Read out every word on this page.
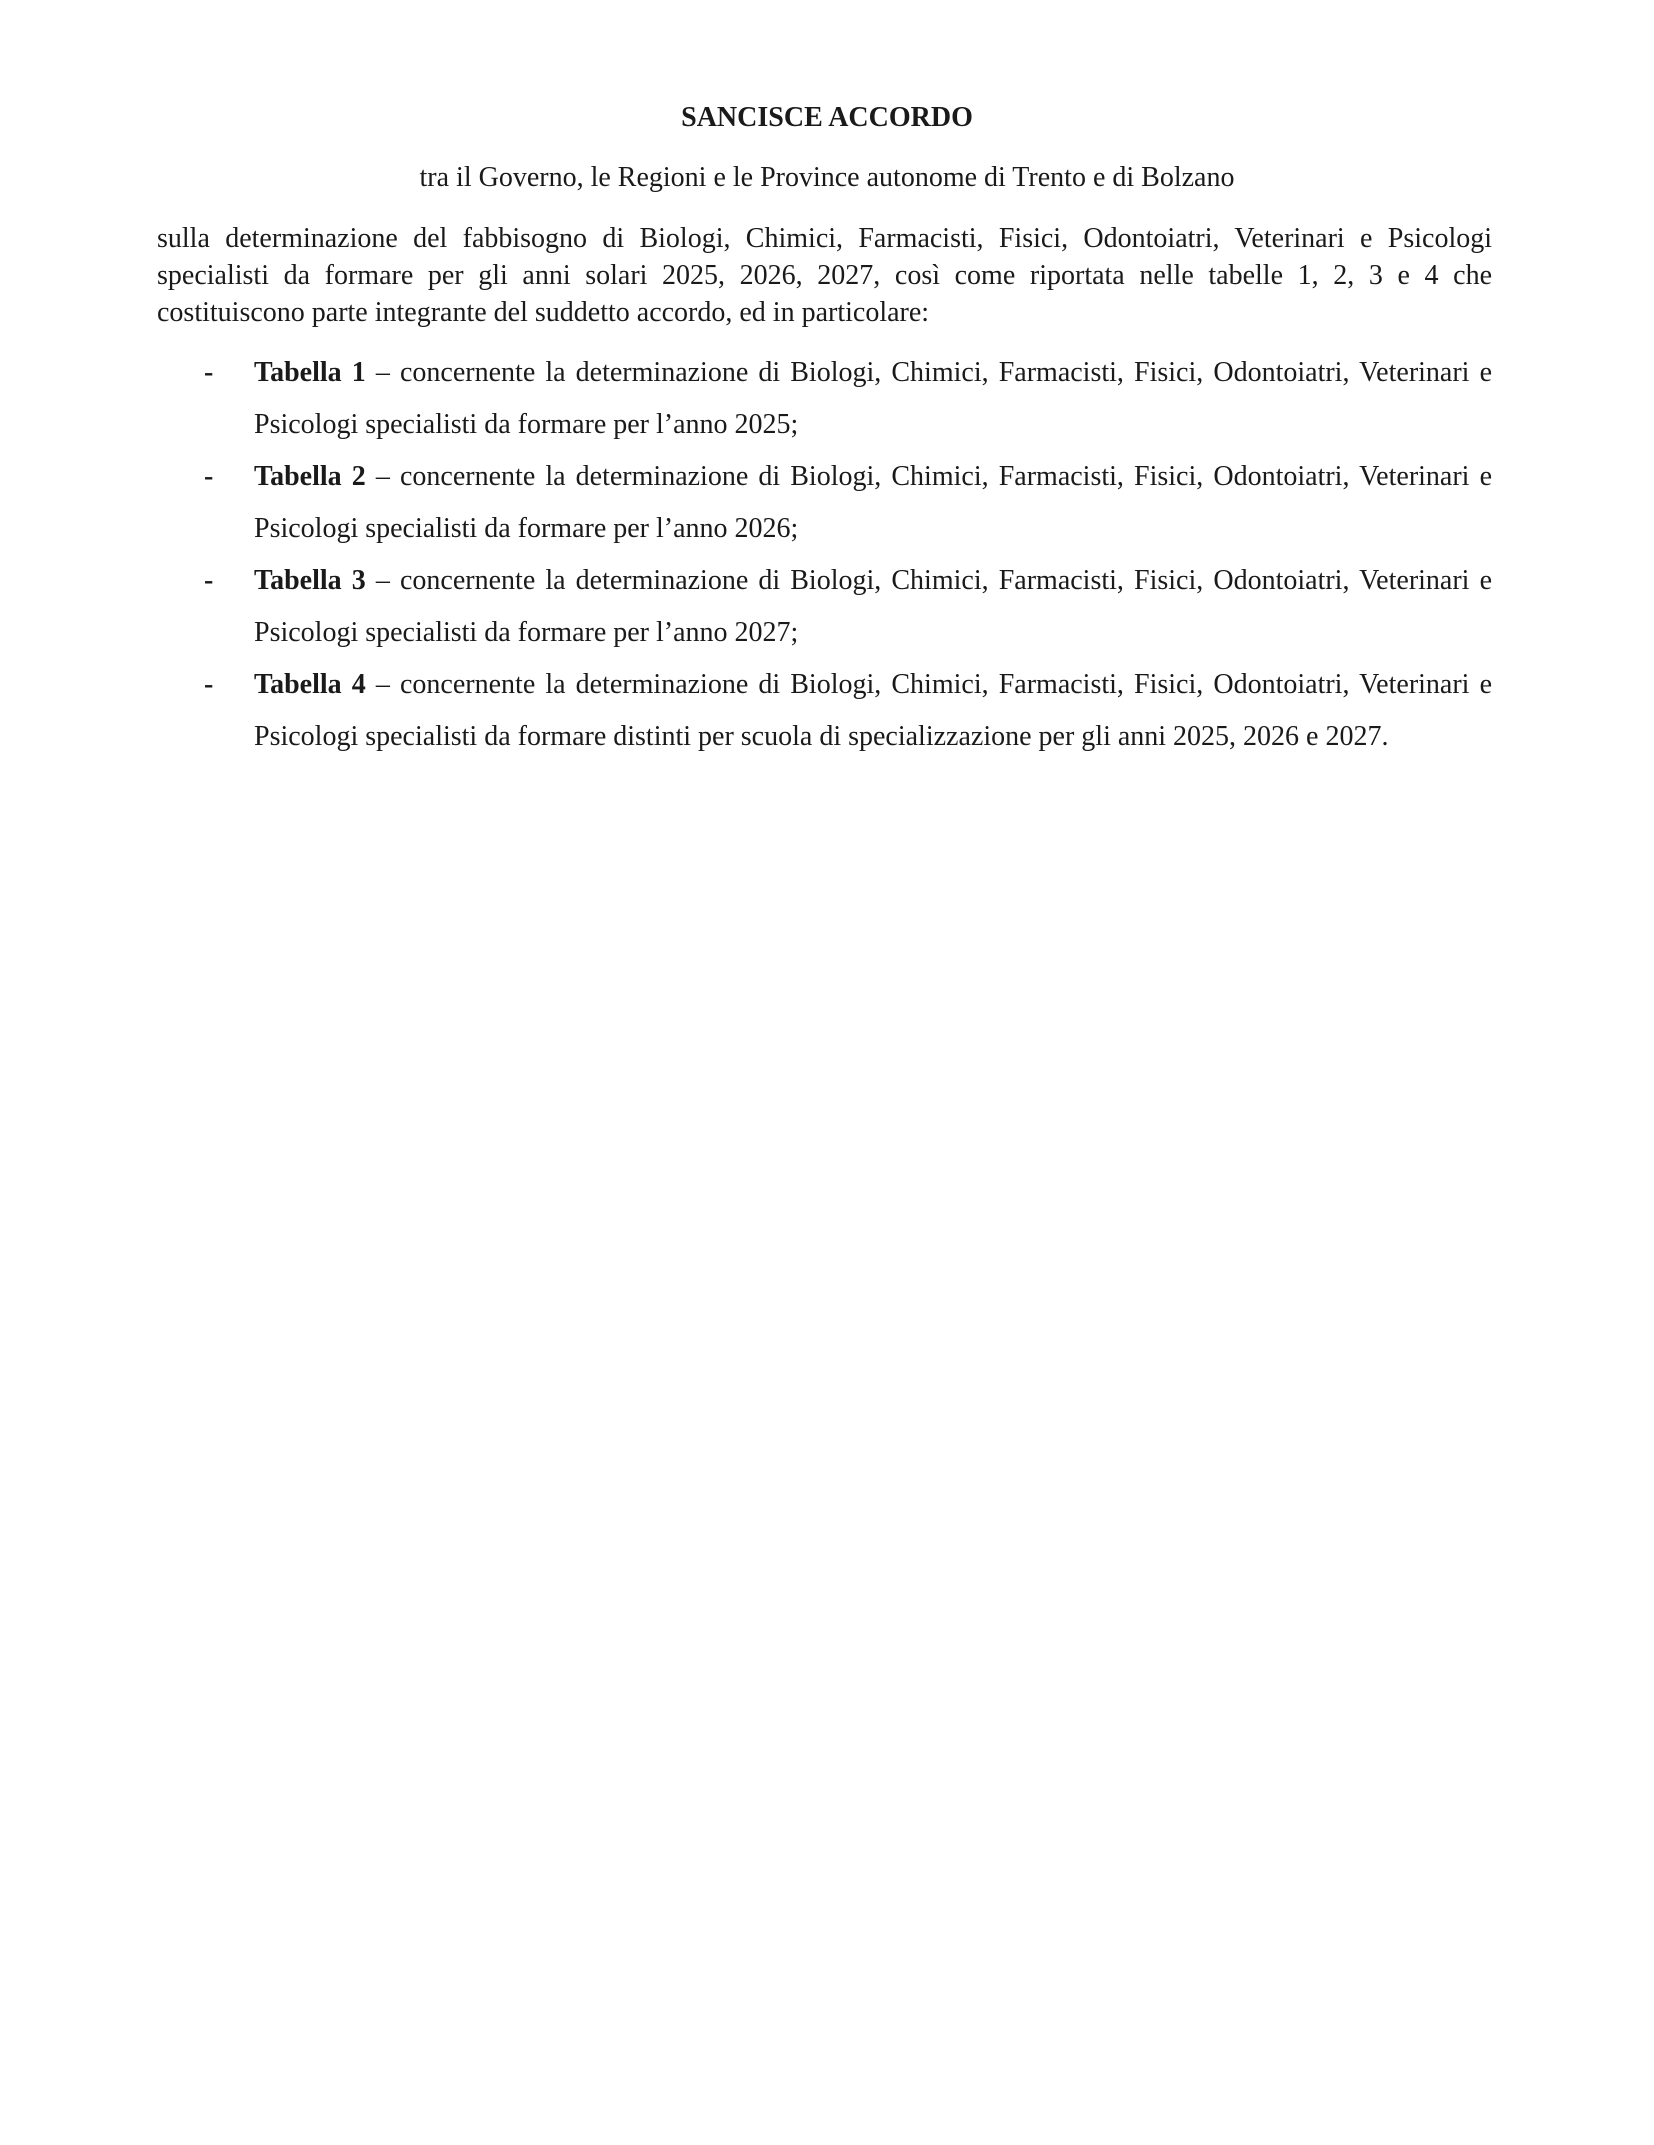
SANCISCE ACCORDO
tra il Governo, le Regioni e le Province autonome di Trento e di Bolzano

sulla determinazione del fabbisogno di Biologi, Chimici, Farmacisti, Fisici, Odontoiatri, Veterinari e Psicologi specialisti da formare per gli anni solari 2025, 2026, 2027, così come riportata nelle tabelle 1, 2, 3 e 4 che costituiscono parte integrante del suddetto accordo, ed in particolare:

- Tabella 1 – concernente la determinazione di Biologi, Chimici, Farmacisti, Fisici, Odontoiatri, Veterinari e Psicologi specialisti da formare per l’anno 2025;
- Tabella 2 – concernente la determinazione di Biologi, Chimici, Farmacisti, Fisici, Odontoiatri, Veterinari e Psicologi specialisti da formare per l’anno 2026;
- Tabella 3 – concernente la determinazione di Biologi, Chimici, Farmacisti, Fisici, Odontoiatri, Veterinari e Psicologi specialisti da formare per l’anno 2027;
- Tabella 4 – concernente la determinazione di Biologi, Chimici, Farmacisti, Fisici, Odontoiatri, Veterinari e Psicologi specialisti da formare distinti per scuola di specializzazione per gli anni 2025, 2026 e 2027.
